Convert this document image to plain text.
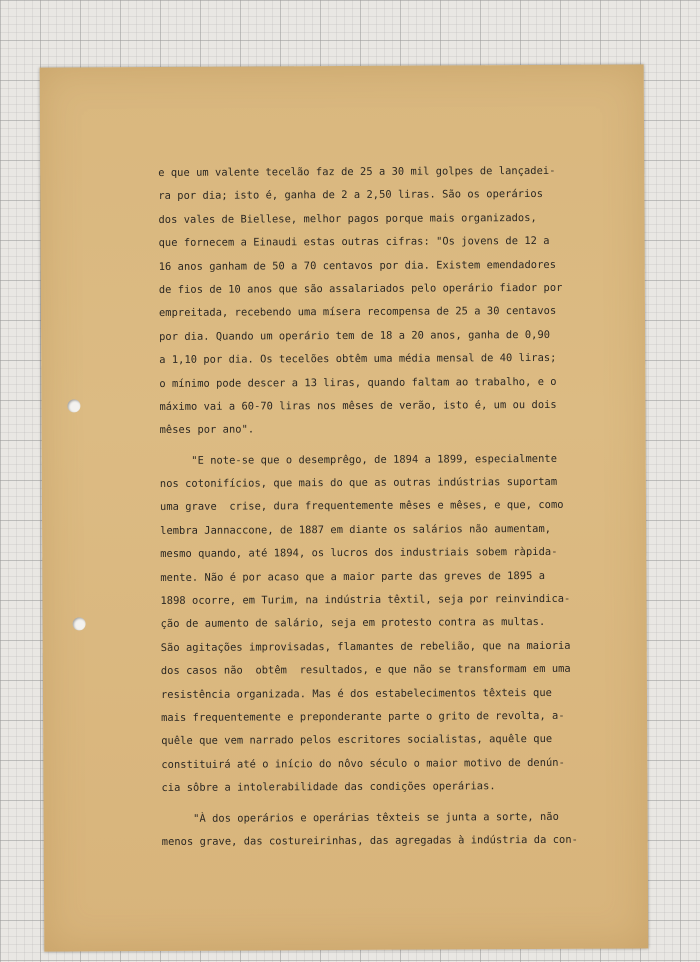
e que um valente tecelão faz de 25 a 30 mil golpes de lançadei-
ra por dia; isto é, ganha de 2 a 2,50 liras. São os operários
dos vales de Biellese, melhor pagos porque mais organizados,
que fornecem a Einaudi estas outras cifras: "Os jovens de 12 a
16 anos ganham de 50 a 70 centavos por dia. Existem emendadores
de fios de 10 anos que são assalariados pelo operário fiador por
empreitada, recebendo uma mísera recompensa de 25 a 30 centavos
por dia. Quando um operário tem de 18 a 20 anos, ganha de 0,90
a 1,10 por dia. Os tecelões obtêm uma média mensal de 40 liras;
o mínimo pode descer a 13 liras, quando faltam ao trabalho, e o
máximo vai a 60-70 liras nos mêses de verão, isto é, um ou dois
mêses por ano".
"E note-se que o desemprêgo, de 1894 a 1899, especialmente
nos cotonifícios, que mais do que as outras indústrias suportam
uma grave  crise, dura frequentemente mêses e mêses, e que, como
lembra Jannaccone, de 1887 em diante os salários não aumentam,
mesmo quando, até 1894, os lucros dos industriais sobem ràpida-
mente. Não é por acaso que a maior parte das greves de 1895 a
1898 ocorre, em Turim, na indústria têxtil, seja por reinvindica-
ção de aumento de salário, seja em protesto contra as multas.
São agitações improvisadas, flamantes de rebelião, que na maioria
dos casos não  obtêm  resultados, e que não se transformam em uma
resistência organizada. Mas é dos estabelecimentos têxteis que
mais frequentemente e preponderante parte o grito de revolta, a-
quêle que vem narrado pelos escritores socialistas, aquêle que
constituirá até o início do nôvo século o maior motivo de denún-
cia sôbre a intolerabilidade das condições operárias.
"À dos operários e operárias têxteis se junta a sorte, não
menos grave, das costureirinhas, das agregadas à indústria da con-
